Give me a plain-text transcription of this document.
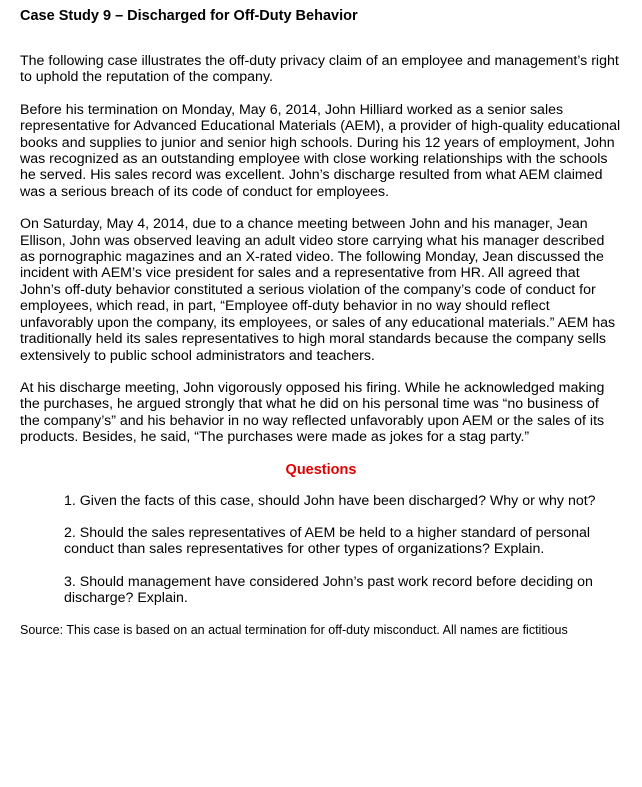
Case Study 9 – Discharged for Off-Duty Behavior

The following case illustrates the off-duty privacy claim of an employee and management’s right to uphold the reputation of the company.

Before his termination on Monday, May 6, 2014, John Hilliard worked as a senior sales representative for Advanced Educational Materials (AEM), a provider of high-quality educational books and supplies to junior and senior high schools. During his 12 years of employment, John was recognized as an outstanding employee with close working relationships with the schools he served. His sales record was excellent. John’s discharge resulted from what AEM claimed was a serious breach of its code of conduct for employees.

On Saturday, May 4, 2014, due to a chance meeting between John and his manager, Jean Ellison, John was observed leaving an adult video store carrying what his manager described as pornographic magazines and an X-rated video. The following Monday, Jean discussed the incident with AEM’s vice president for sales and a representative from HR. All agreed that John’s off-duty behavior constituted a serious violation of the company’s code of conduct for employees, which read, in part, “Employee off-duty behavior in no way should reflect unfavorably upon the company, its employees, or sales of any educational materials.” AEM has traditionally held its sales representatives to high moral standards because the company sells extensively to public school administrators and teachers.

At his discharge meeting, John vigorously opposed his firing. While he acknowledged making the purchases, he argued strongly that what he did on his personal time was “no business of the company’s” and his behavior in no way reflected unfavorably upon AEM or the sales of its products. Besides, he said, “The purchases were made as jokes for a stag party.”

Questions

1. Given the facts of this case, should John have been discharged? Why or why not?

2. Should the sales representatives of AEM be held to a higher standard of personal conduct than sales representatives for other types of organizations? Explain.

3. Should management have considered John’s past work record before deciding on discharge? Explain.

Source: This case is based on an actual termination for off-duty misconduct. All names are fictitious
